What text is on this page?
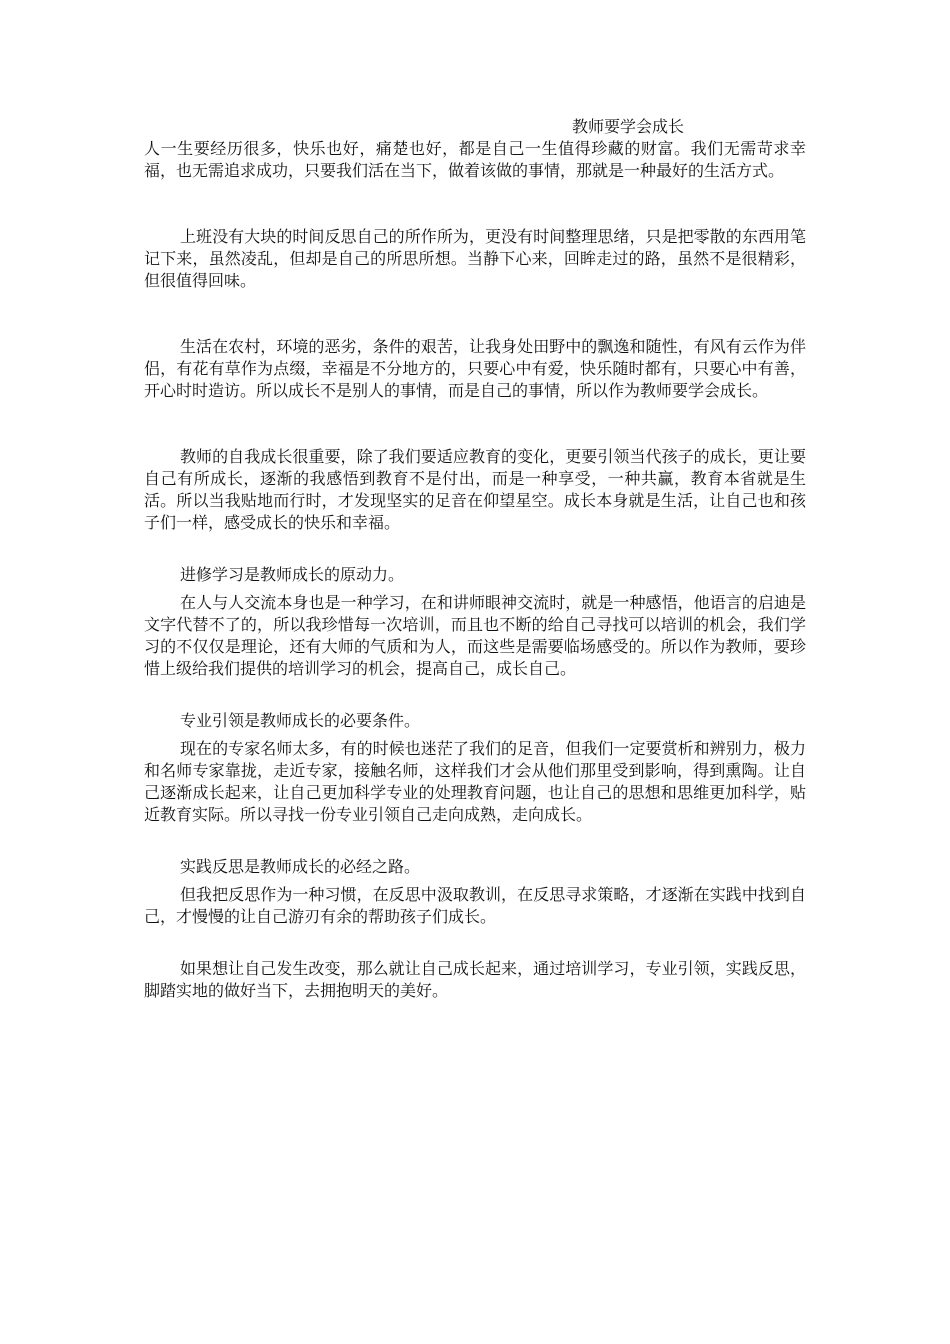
教师要学会成长

人一生要经历很多，快乐也好，痛楚也好，都是自己一生值得珍藏的财富。我们无需苛求幸福，也无需追求成功，只要我们活在当下，做着该做的事情，那就是一种最好的生活方式。

上班没有大块的时间反思自己的所作所为，更没有时间整理思绪，只是把零散的东西用笔记下来，虽然凌乱，但却是自己的所思所想。当静下心来，回眸走过的路，虽然不是很精彩，但很值得回味。

生活在农村，环境的恶劣，条件的艰苦，让我身处田野中的飘逸和随性，有风有云作为伴侣，有花有草作为点缀，幸福是不分地方的，只要心中有爱，快乐随时都有，只要心中有善，开心时时造访。所以成长不是别人的事情，而是自己的事情，所以作为教师要学会成长。

教师的自我成长很重要，除了我们要适应教育的变化，更要引领当代孩子的成长，更让要自己有所成长，逐渐的我感悟到教育不是付出，而是一种享受，一种共赢，教育本省就是生活。所以当我贴地而行时，才发现坚实的足音在仰望星空。成长本身就是生活，让自己也和孩子们一样，感受成长的快乐和幸福。

进修学习是教师成长的原动力。

在人与人交流本身也是一种学习，在和讲师眼神交流时，就是一种感悟，他语言的启迪是文字代替不了的，所以我珍惜每一次培训，而且也不断的给自己寻找可以培训的机会，我们学习的不仅仅是理论，还有大师的气质和为人，而这些是需要临场感受的。所以作为教师，要珍惜上级给我们提供的培训学习的机会，提高自己，成长自己。

专业引领是教师成长的必要条件。

现在的专家名师太多，有的时候也迷茫了我们的足音，但我们一定要赏析和辨别力，极力和名师专家靠拢，走近专家，接触名师，这样我们才会从他们那里受到影响，得到熏陶。让自己逐渐成长起来，让自己更加科学专业的处理教育问题，也让自己的思想和思维更加科学，贴近教育实际。所以寻找一份专业引领自己走向成熟，走向成长。

实践反思是教师成长的必经之路。

但我把反思作为一种习惯，在反思中汲取教训，在反思寻求策略，才逐渐在实践中找到自己，才慢慢的让自己游刃有余的帮助孩子们成长。

如果想让自己发生改变，那么就让自己成长起来，通过培训学习，专业引领，实践反思，脚踏实地的做好当下，去拥抱明天的美好。
